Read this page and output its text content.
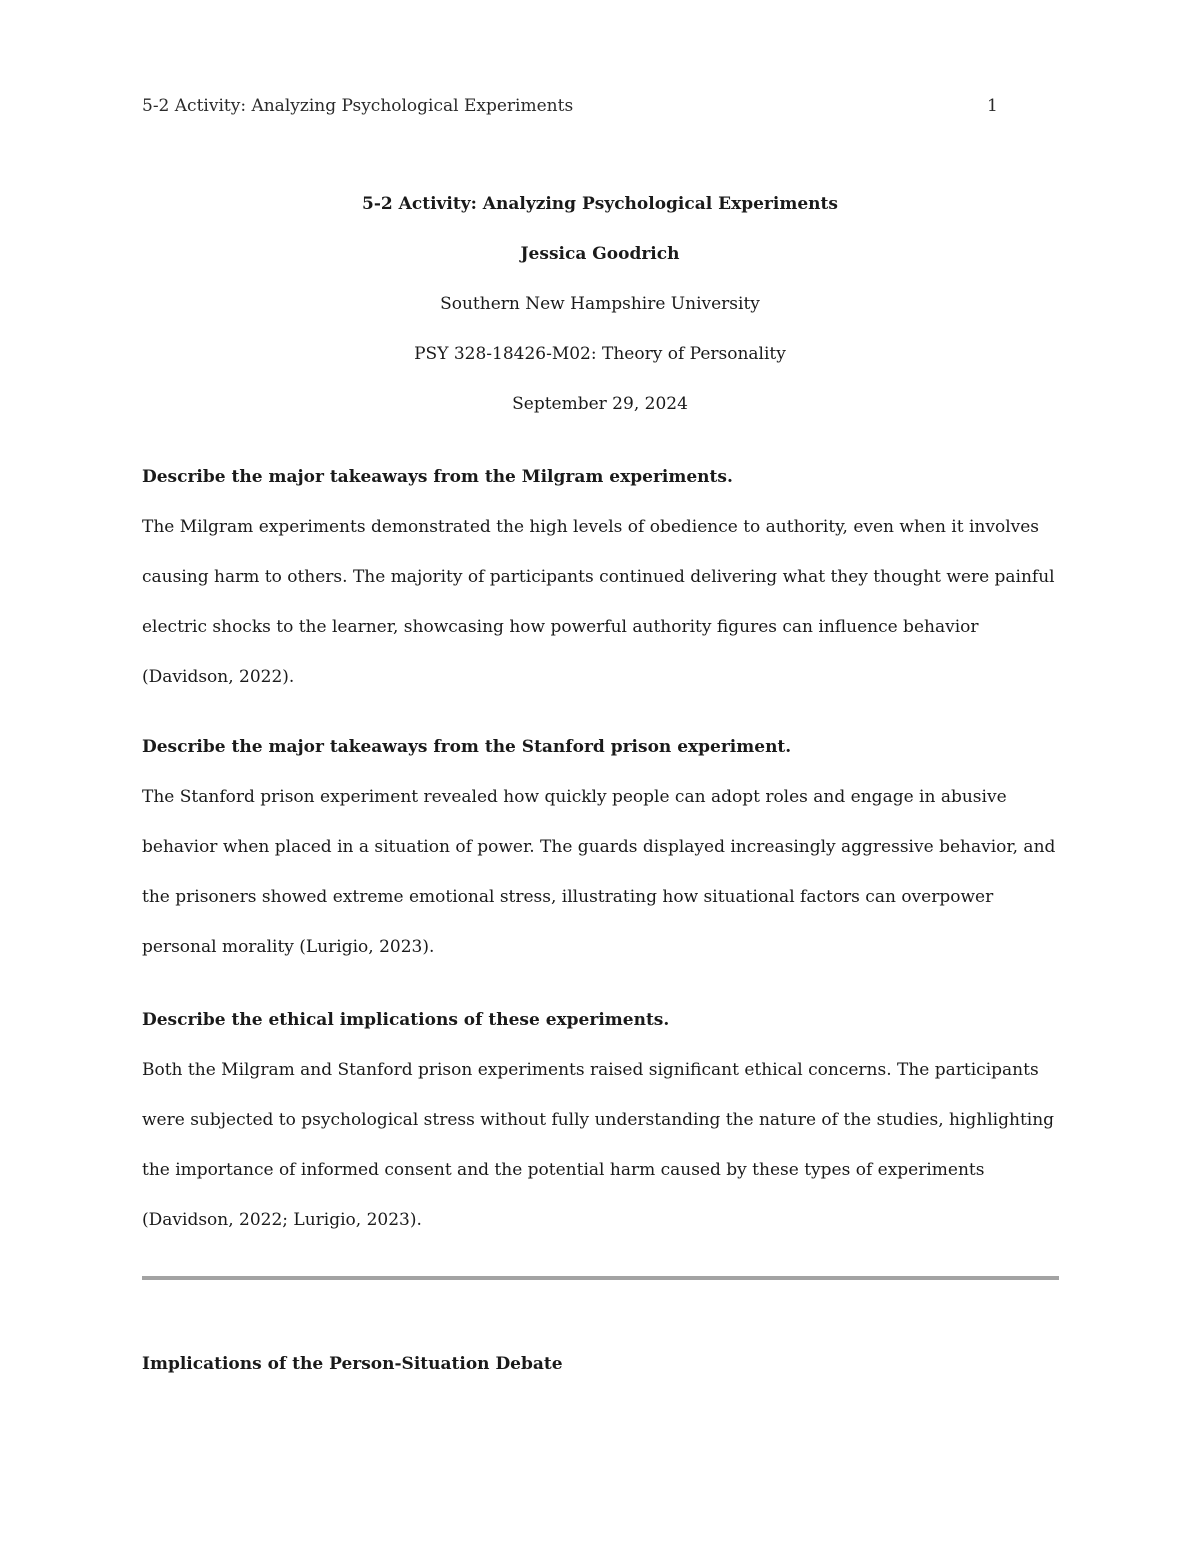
5-2 Activity: Analyzing Psychological Experiments	1
5-2 Activity: Analyzing Psychological Experiments
Jessica Goodrich
Southern New Hampshire University
PSY 328-18426-M02: Theory of Personality
September 29, 2024
Describe the major takeaways from the Milgram experiments.
The Milgram experiments demonstrated the high levels of obedience to authority, even when it involves
causing harm to others. The majority of participants continued delivering what they thought were painful
electric shocks to the learner, showcasing how powerful authority figures can influence behavior
(Davidson, 2022).
Describe the major takeaways from the Stanford prison experiment.
The Stanford prison experiment revealed how quickly people can adopt roles and engage in abusive
behavior when placed in a situation of power. The guards displayed increasingly aggressive behavior, and
the prisoners showed extreme emotional stress, illustrating how situational factors can overpower
personal morality (Lurigio, 2023).
Describe the ethical implications of these experiments.
Both the Milgram and Stanford prison experiments raised significant ethical concerns. The participants
were subjected to psychological stress without fully understanding the nature of the studies, highlighting
the importance of informed consent and the potential harm caused by these types of experiments
(Davidson, 2022; Lurigio, 2023).
Implications of the Person-Situation Debate
